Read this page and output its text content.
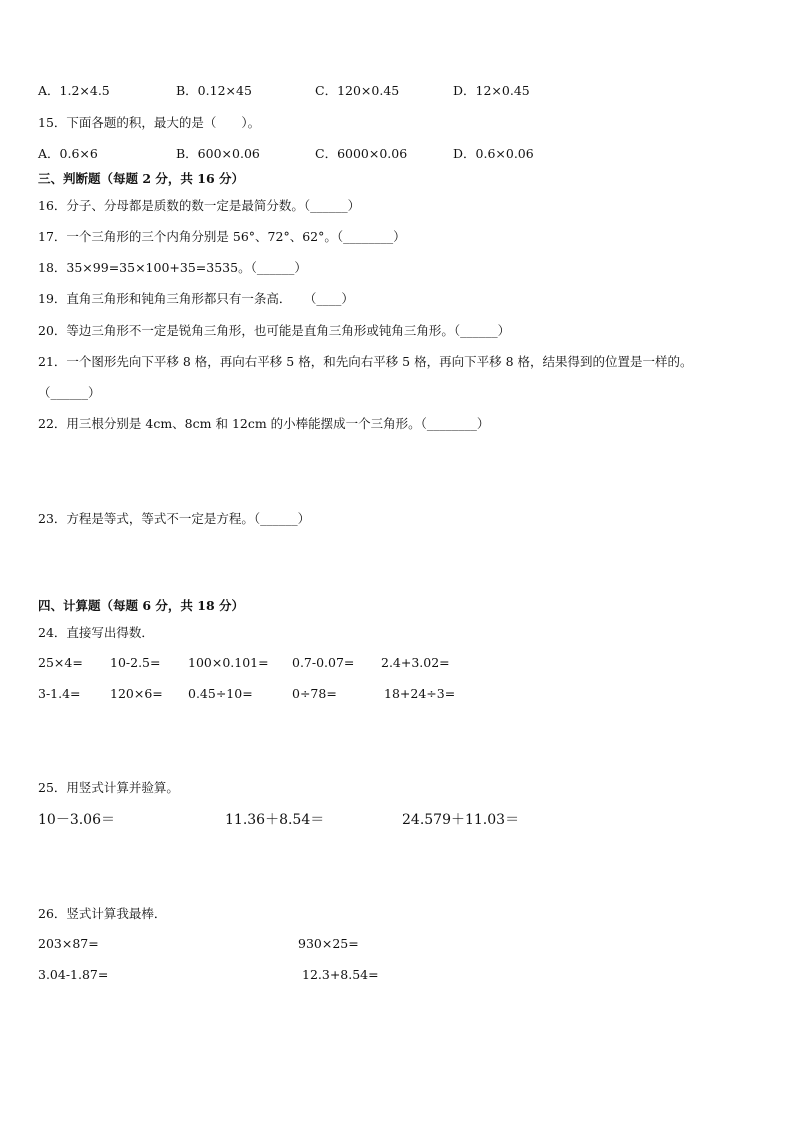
A．1.2×4.5	B．0.12×45	C．120×0.45	D．12×0.45
15．下面各题的积，最大的是（　　）。
A．0.6×6	B．600×0.06	C．6000×0.06	D．0.6×0.06
三、判断题（每题 2 分，共 16 分）
16．分子、分母都是质数的数一定是最简分数。（______）
17．一个三角形的三个内角分别是 56°、72°、62°。（________）
18．35×99=35×100+35=3535。（______）
19．直角三角形和钝角三角形都只有一条高．　　（____）
20．等边三角形不一定是锐角三角形，也可能是直角三角形或钝角三角形。（______）
21．一个图形先向下平移 8 格，再向右平移 5 格，和先向右平移 5 格，再向下平移 8 格，结果得到的位置是一样的。
（______）
22．用三根分别是 4cm、8cm 和 12cm 的小棒能摆成一个三角形。（________）
23．方程是等式，等式不一定是方程。（______）
四、计算题（每题 6 分，共 18 分）
24．直接写出得数．
25×4= 10-2.5= 100×0.101= 0.7-0.07= 2.4+3.02=
3-1.4= 120×6= 0.45÷10=	0÷78=	18+24÷3=
25．用竖式计算并验算。
10－3.06＝	11.36＋8.54＝	24.579＋11.03＝
26．竖式计算我最棒．
203×87=	930×25=
3.04-1.87=	12.3+8.54=
